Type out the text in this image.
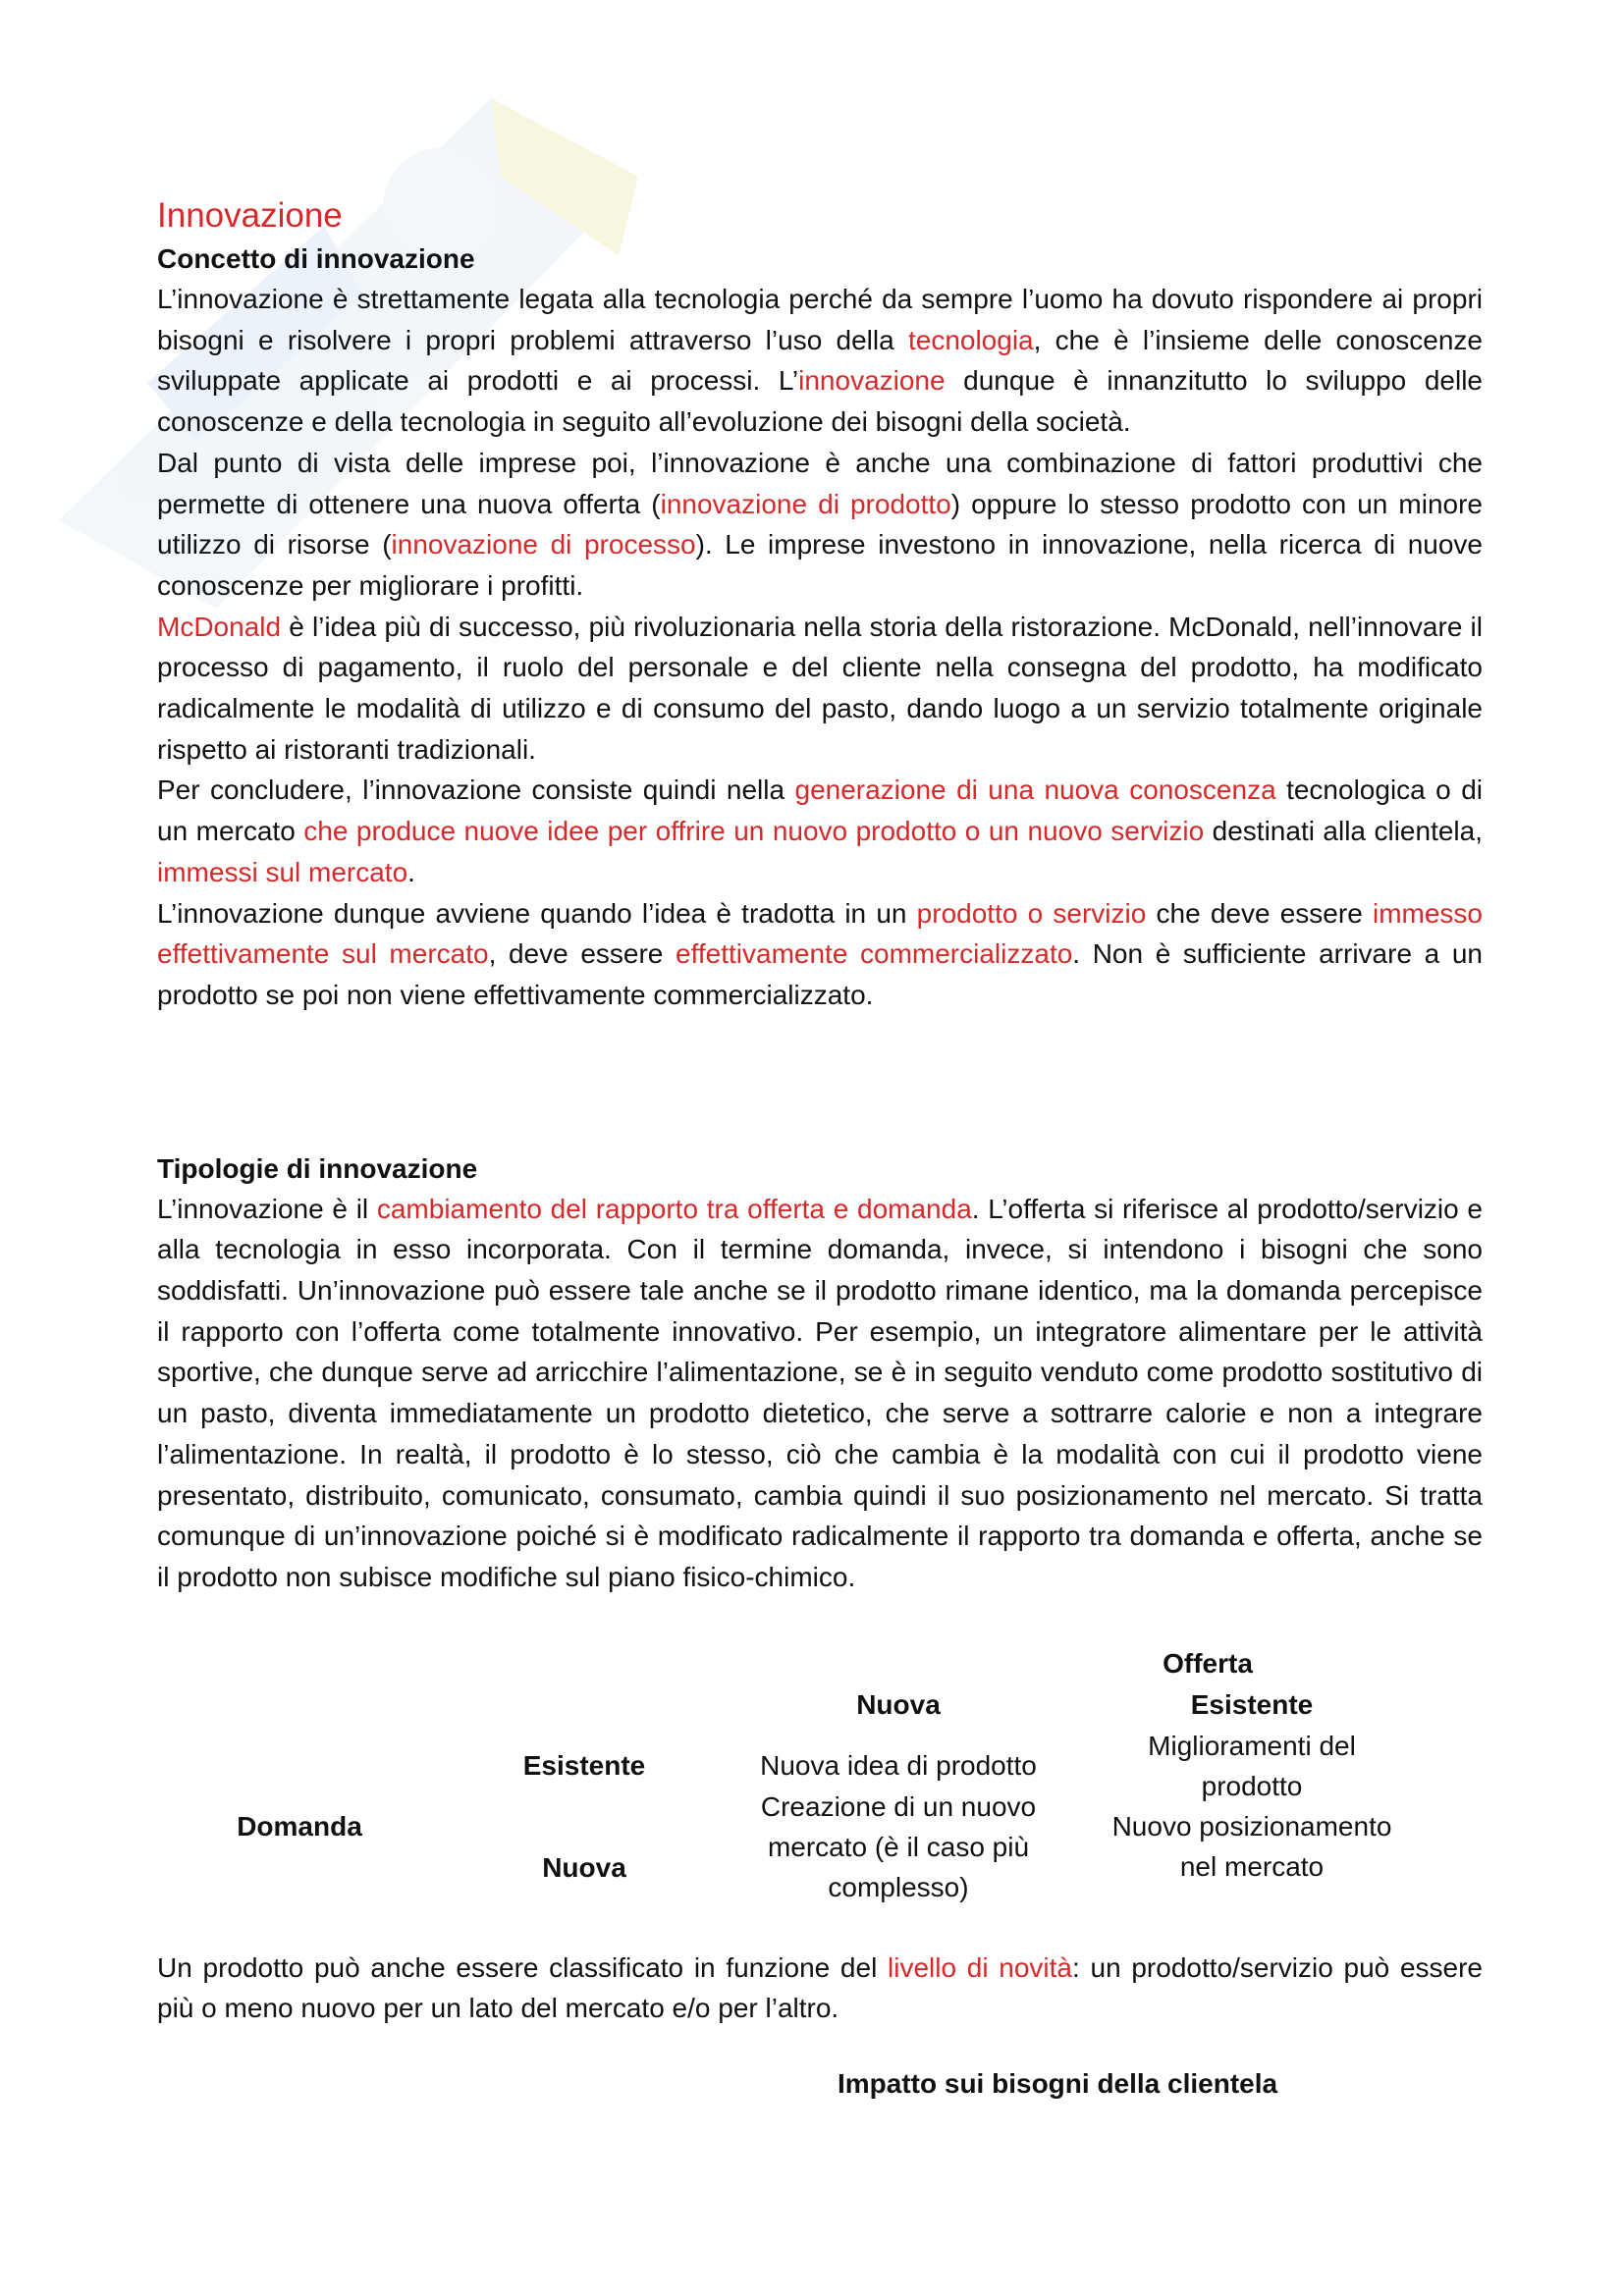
Innovazione
Concetto di innovazione

L’innovazione è strettamente legata alla tecnologia perché da sempre l’uomo ha dovuto rispondere ai propri bisogni e risolvere i propri problemi attraverso l’uso della tecnologia, che è l’insieme delle conoscenze sviluppate applicate ai prodotti e ai processi. L’innovazione dunque è innanzitutto lo sviluppo delle conoscenze e della tecnologia in seguito all’evoluzione dei bisogni della società.

Dal punto di vista delle imprese poi, l’innovazione è anche una combinazione di fattori produttivi che permette di ottenere una nuova offerta (innovazione di prodotto) oppure lo stesso prodotto con un minore utilizzo di risorse (innovazione di processo). Le imprese investono in innovazione, nella ricerca di nuove conoscenze per migliorare i profitti.

McDonald è l’idea più di successo, più rivoluzionaria nella storia della ristorazione. McDonald, nell’innovare il processo di pagamento, il ruolo del personale e del cliente nella consegna del prodotto, ha modificato radicalmente le modalità di utilizzo e di consumo del pasto, dando luogo a un servizio totalmente originale rispetto ai ristoranti tradizionali.

Per concludere, l’innovazione consiste quindi nella generazione di una nuova conoscenza tecnologica o di un mercato che produce nuove idee per offrire un nuovo prodotto o un nuovo servizio destinati alla clientela, immessi sul mercato.

L’innovazione dunque avviene quando l’idea è tradotta in un prodotto o servizio che deve essere immesso effettivamente sul mercato, deve essere effettivamente commercializzato. Non è sufficiente arrivare a un prodotto se poi non viene effettivamente commercializzato.

Tipologie di innovazione

L’innovazione è il cambiamento del rapporto tra offerta e domanda. L’offerta si riferisce al prodotto/servizio e alla tecnologia in esso incorporata. Con il termine domanda, invece, si intendono i bisogni che sono soddisfatti. Un’innovazione può essere tale anche se il prodotto rimane identico, ma la domanda percepisce il rapporto con l’offerta come totalmente innovativo. Per esempio, un integratore alimentare per le attività sportive, che dunque serve ad arricchire l’alimentazione, se è in seguito venduto come prodotto sostitutivo di un pasto, diventa immediatamente un prodotto dietetico, che serve a sottrarre calorie e non a integrare l’alimentazione. In realtà, il prodotto è lo stesso, ciò che cambia è la modalità con cui il prodotto viene presentato, distribuito, comunicato, consumato, cambia quindi il suo posizionamento nel mercato. Si tratta comunque di un’innovazione poiché si è modificato radicalmente il rapporto tra domanda e offerta, anche se il prodotto non subisce modifiche sul piano fisico-chimico.

Offerta
Nuova	Esistente
Esistente	Nuova idea di prodotto
Miglioramenti del prodotto
Domanda
Nuova
Creazione di un nuovo mercato (è il caso più complesso)
Nuovo posizionamento nel mercato

Un prodotto può anche essere classificato in funzione del livello di novità: un prodotto/servizio può essere più o meno nuovo per un lato del mercato e/o per l’altro.

Impatto sui bisogni della clientela
